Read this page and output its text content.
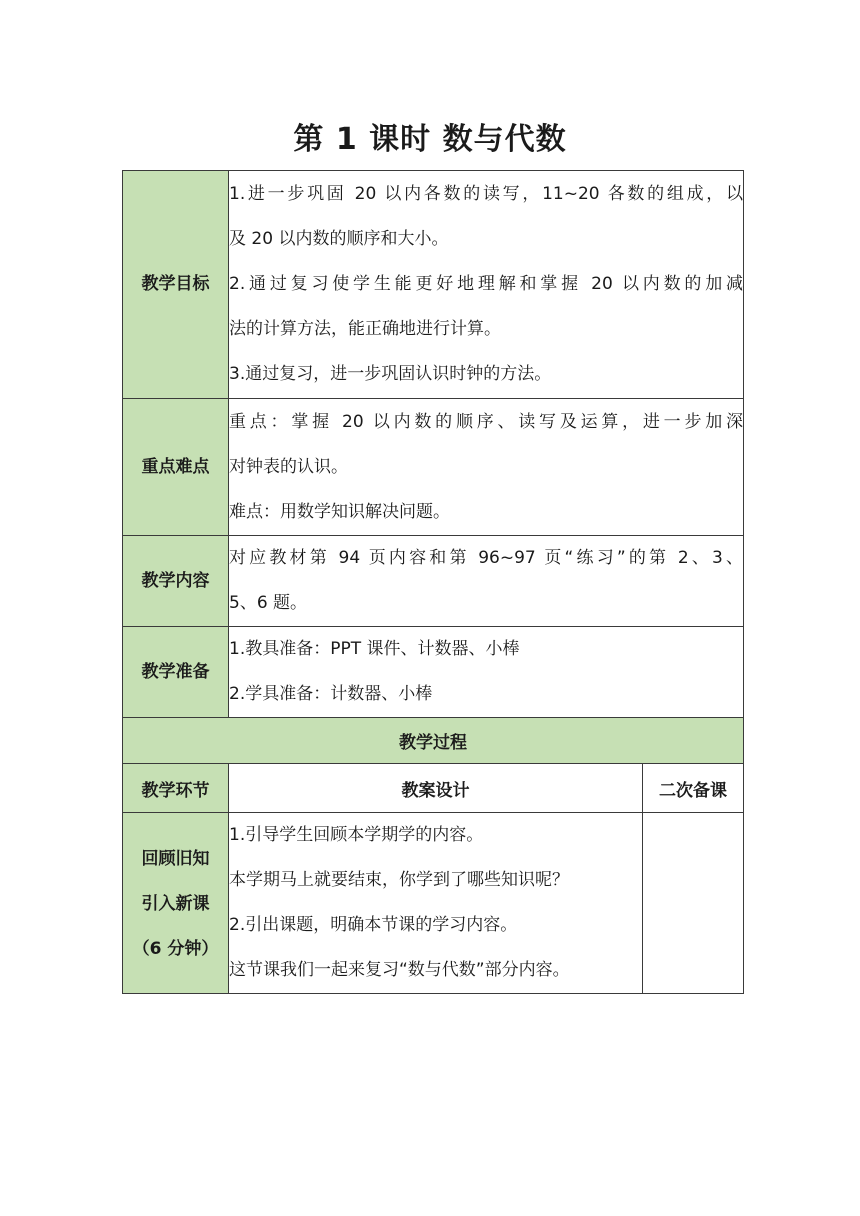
第 1 课时 数与代数
教学目标	1.进一步巩固 20 以内各数的读写，11~20 各数的组成，以
及 20 以内数的顺序和大小。
2.通过复习使学生能更好地理解和掌握 20 以内数的加减
法的计算方法，能正确地进行计算。
3.通过复习，进一步巩固认识时钟的方法。	

重点难点	重点：掌握 20 以内数的顺序、读写及运算，进一步加深
对钟表的认识。
难点：用数学知识解决问题。	

教学内容	对应教材第 94 页内容和第 96~97 页“练习”的第 2、3、
5、6 题。	

教学准备	1.教具准备：PPT 课件、计数器、小棒
2.学具准备：计数器、小棒	

教学过程		
教学环节	教案设计	二次备课

回顾旧知
引入新课
（6 分钟）	1.引导学生回顾本学期学的内容。
本学期马上就要结束，你学到了哪些知识呢？
2.引出课题，明确本节课的学习内容。
这节课我们一起来复习“数与代数”部分内容。	
